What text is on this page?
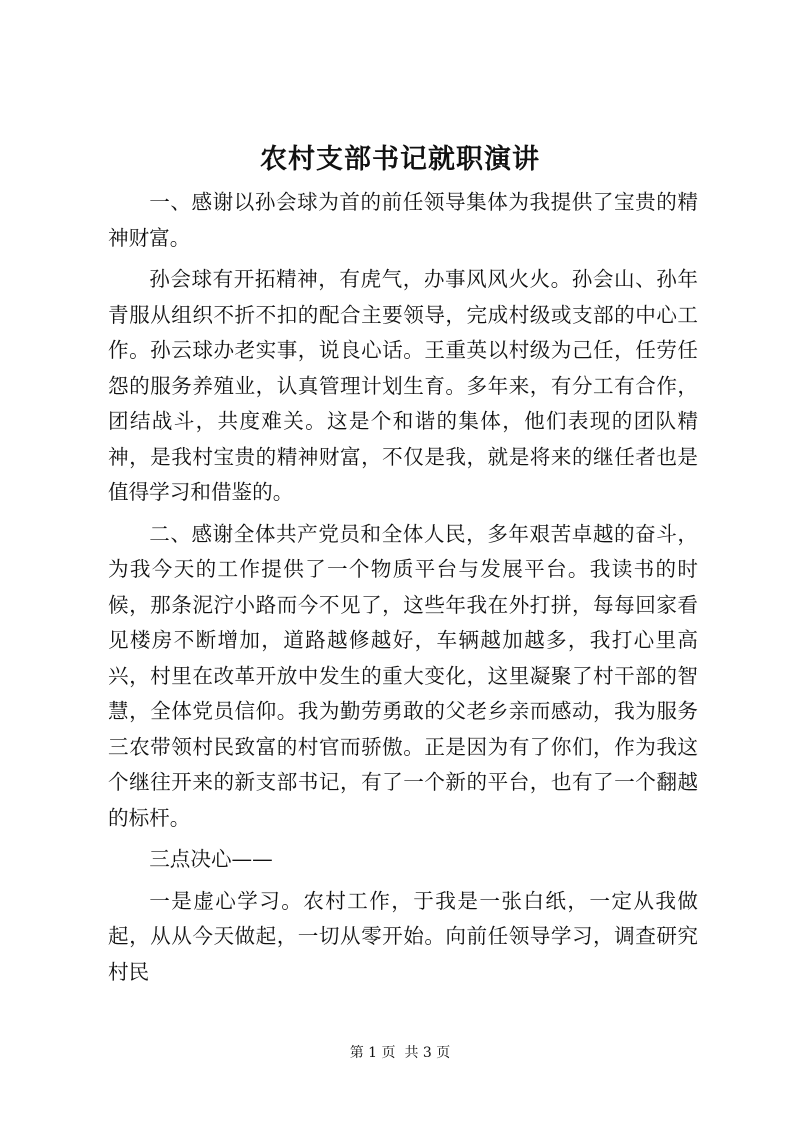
农村支部书记就职演讲

一、感谢以孙会球为首的前任领导集体为我提供了宝贵的精神财富。

孙会球有开拓精神，有虎气，办事风风火火。孙会山、孙年青服从组织不折不扣的配合主要领导，完成村级或支部的中心工作。孙云球办老实事，说良心话。王重英以村级为己任，任劳任怨的服务养殖业，认真管理计划生育。多年来，有分工有合作，团结战斗，共度难关。这是个和谐的集体，他们表现的团队精神，是我村宝贵的精神财富，不仅是我，就是将来的继任者也是值得学习和借鉴的。

二、感谢全体共产党员和全体人民，多年艰苦卓越的奋斗，为我今天的工作提供了一个物质平台与发展平台。我读书的时候，那条泥泞小路而今不见了，这些年我在外打拼，每每回家看见楼房不断增加，道路越修越好，车辆越加越多，我打心里高兴，村里在改革开放中发生的重大变化，这里凝聚了村干部的智慧，全体党员信仰。我为勤劳勇敢的父老乡亲而感动，我为服务三农带领村民致富的村官而骄傲。正是因为有了你们，作为我这个继往开来的新支部书记，有了一个新的平台，也有了一个翻越的标杆。

三点决心——

一是虚心学习。农村工作，于我是一张白纸，一定从我做起，从从今天做起，一切从零开始。向前任领导学习，调查研究村民

第 1 页  共 3 页
